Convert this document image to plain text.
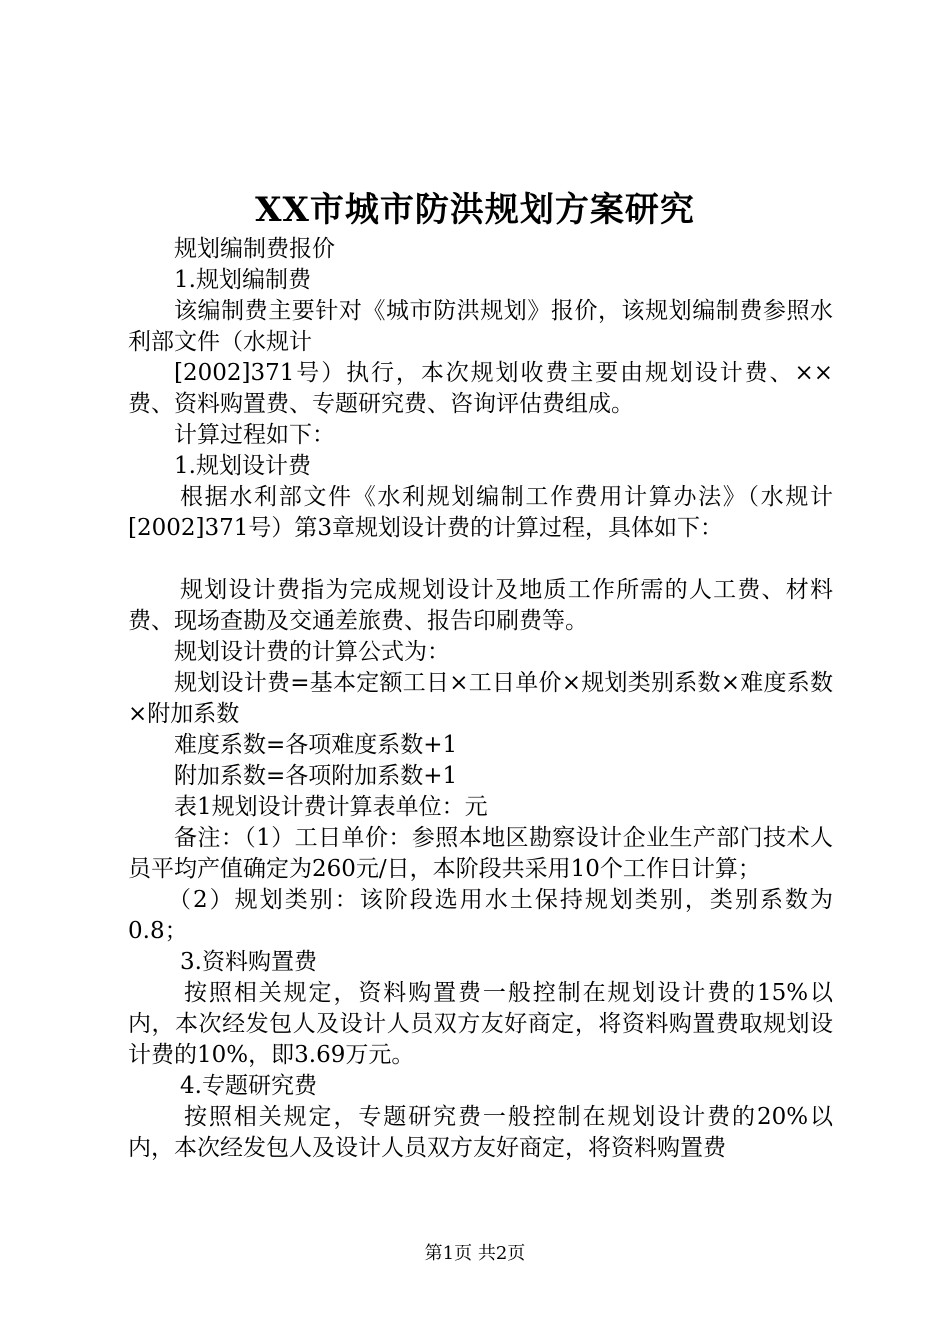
XX市城市防洪规划方案研究

规划编制费报价

1.规划编制费

该编制费主要针对《城市防洪规划》报价，该规划编制费参照水利部文件（水规计

[2002]371号）执行，本次规划收费主要由规划设计费、××费、资料购置费、专题研究费、咨询评估费组成。

计算过程如下：

1.规划设计费

根据水利部文件《水利规划编制工作费用计算办法》（水规计[2002]371号）第3章规划设计费的计算过程，具体如下：

规划设计费指为完成规划设计及地质工作所需的人工费、材料费、现场查勘及交通差旅费、报告印刷费等。

规划设计费的计算公式为：

规划设计费=基本定额工日×工日单价×规划类别系数×难度系数×附加系数

难度系数=各项难度系数+1

附加系数=各项附加系数+1

表1规划设计费计算表单位：元

备注：（1）工日单价：参照本地区勘察设计企业生产部门技术人员平均产值确定为260元/日，本阶段共采用10个工作日计算；

（2）规划类别：该阶段选用水土保持规划类别，类别系数为0.8；

3.资料购置费

按照相关规定，资料购置费一般控制在规划设计费的15%以内，本次经发包人及设计人员双方友好商定，将资料购置费取规划设计费的10%，即3.69万元。

4.专题研究费

按照相关规定，专题研究费一般控制在规划设计费的20%以内，本次经发包人及设计人员双方友好商定，将资料购置费

第1页 共2页
